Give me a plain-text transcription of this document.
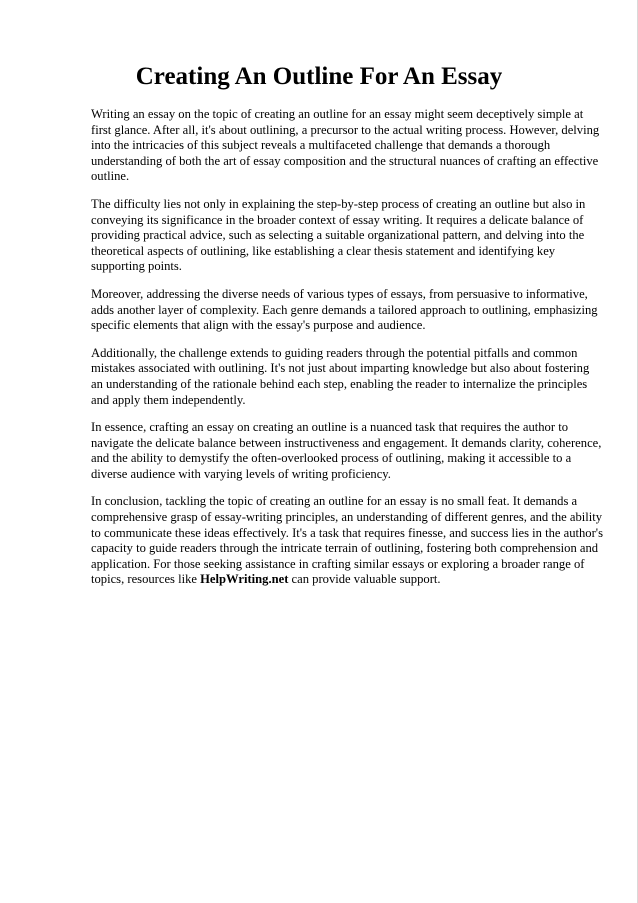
Creating An Outline For An Essay

Writing an essay on the topic of creating an outline for an essay might seem deceptively simple at first glance. After all, it's about outlining, a precursor to the actual writing process. However, delving into the intricacies of this subject reveals a multifaceted challenge that demands a thorough understanding of both the art of essay composition and the structural nuances of crafting an effective outline.

The difficulty lies not only in explaining the step-by-step process of creating an outline but also in conveying its significance in the broader context of essay writing. It requires a delicate balance of providing practical advice, such as selecting a suitable organizational pattern, and delving into the theoretical aspects of outlining, like establishing a clear thesis statement and identifying key supporting points.

Moreover, addressing the diverse needs of various types of essays, from persuasive to informative, adds another layer of complexity. Each genre demands a tailored approach to outlining, emphasizing specific elements that align with the essay's purpose and audience.

Additionally, the challenge extends to guiding readers through the potential pitfalls and common mistakes associated with outlining. It's not just about imparting knowledge but also about fostering an understanding of the rationale behind each step, enabling the reader to internalize the principles and apply them independently.

In essence, crafting an essay on creating an outline is a nuanced task that requires the author to navigate the delicate balance between instructiveness and engagement. It demands clarity, coherence, and the ability to demystify the often-overlooked process of outlining, making it accessible to a diverse audience with varying levels of writing proficiency.

In conclusion, tackling the topic of creating an outline for an essay is no small feat. It demands a comprehensive grasp of essay-writing principles, an understanding of different genres, and the ability to communicate these ideas effectively. It's a task that requires finesse, and success lies in the author's capacity to guide readers through the intricate terrain of outlining, fostering both comprehension and application. For those seeking assistance in crafting similar essays or exploring a broader range of topics, resources like HelpWriting.net can provide valuable support.
